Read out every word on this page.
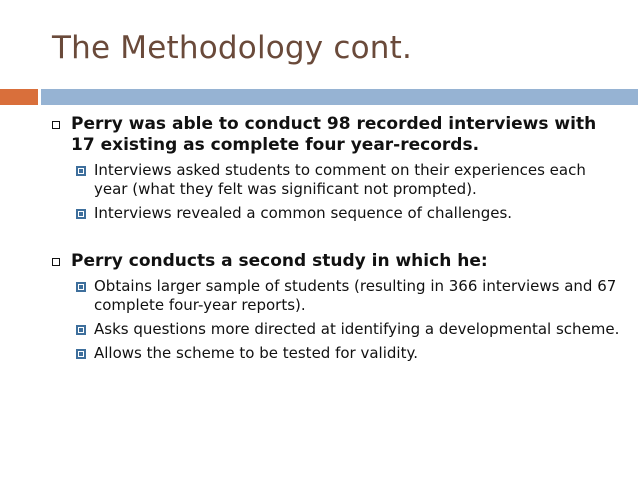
The Methodology cont.
Perry was able to conduct 98 recorded interviews with 17 existing as complete four year-records.
Interviews asked students to comment on their experiences each year (what they felt was significant not prompted).
Interviews revealed a common sequence of challenges.
Perry conducts a second study in which he:
Obtains larger sample of students (resulting in 366 interviews and 67 complete four-year reports).
Asks questions more directed at identifying a developmental scheme.
Allows the scheme to be tested for validity.
